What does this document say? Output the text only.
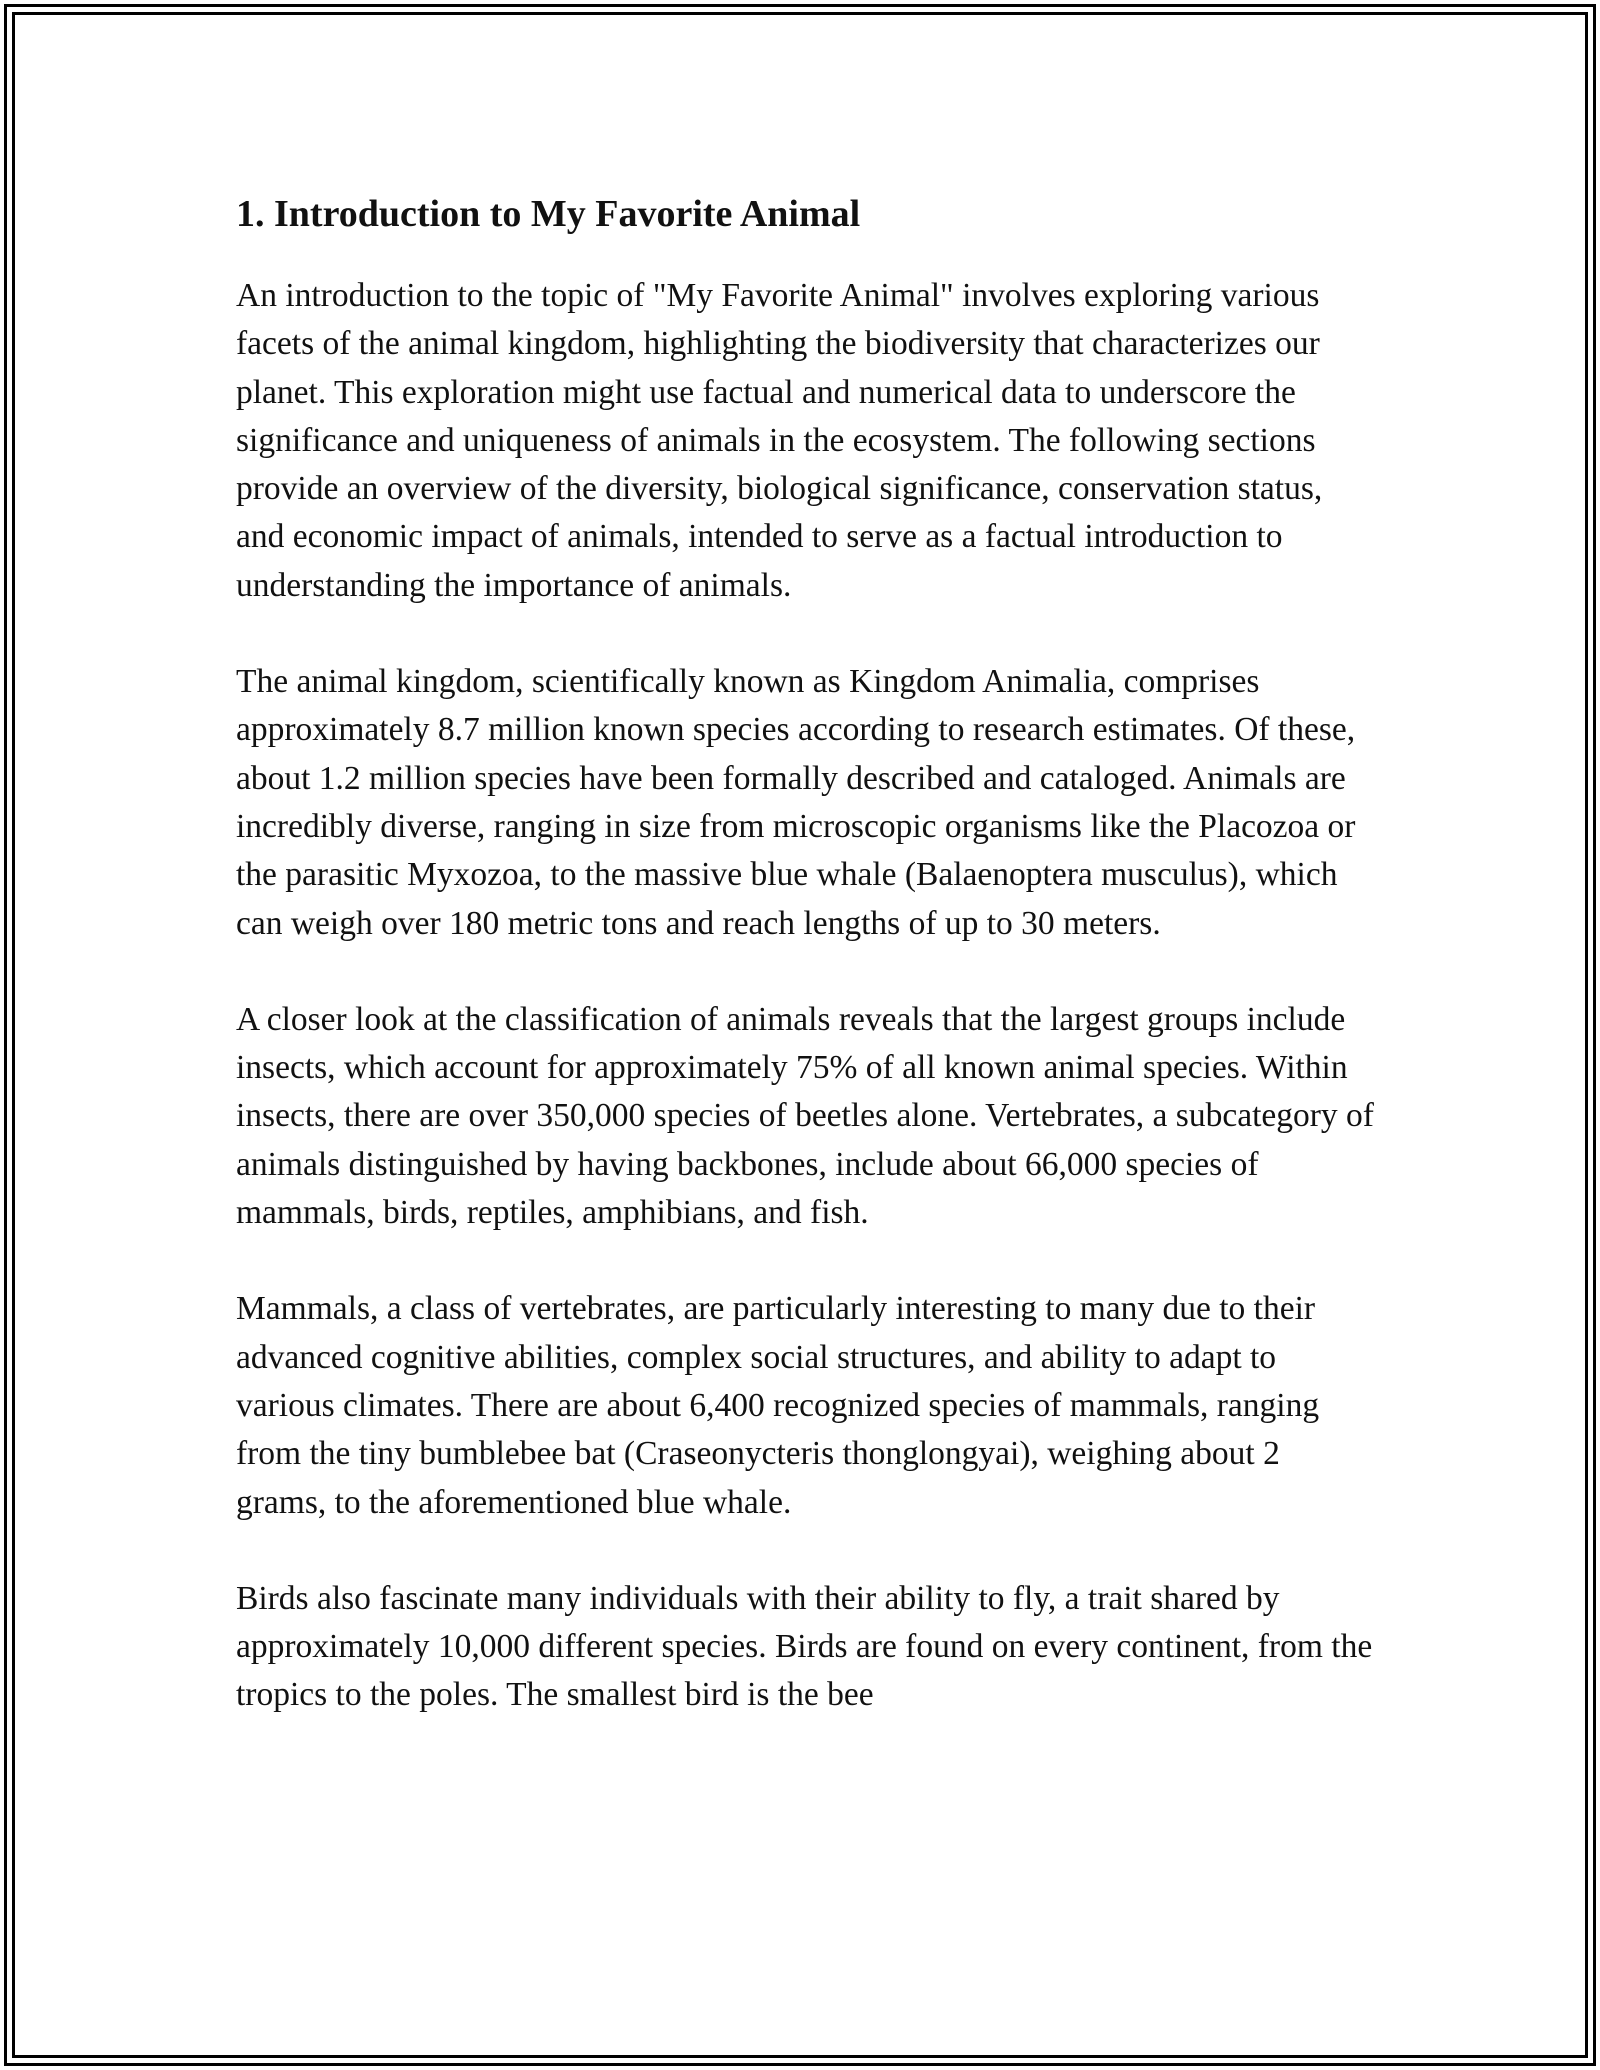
1. Introduction to My Favorite Animal

An introduction to the topic of "My Favorite Animal" involves exploring various facets of the animal kingdom, highlighting the biodiversity that characterizes our planet. This exploration might use factual and numerical data to underscore the significance and uniqueness of animals in the ecosystem. The following sections provide an overview of the diversity, biological significance, conservation status, and economic impact of animals, intended to serve as a factual introduction to understanding the importance of animals.

The animal kingdom, scientifically known as Kingdom Animalia, comprises approximately 8.7 million known species according to research estimates. Of these, about 1.2 million species have been formally described and cataloged. Animals are incredibly diverse, ranging in size from microscopic organisms like the Placozoa or the parasitic Myxozoa, to the massive blue whale (Balaenoptera musculus), which can weigh over 180 metric tons and reach lengths of up to 30 meters.

A closer look at the classification of animals reveals that the largest groups include insects, which account for approximately 75% of all known animal species. Within insects, there are over 350,000 species of beetles alone. Vertebrates, a subcategory of animals distinguished by having backbones, include about 66,000 species of mammals, birds, reptiles, amphibians, and fish.

Mammals, a class of vertebrates, are particularly interesting to many due to their advanced cognitive abilities, complex social structures, and ability to adapt to various climates. There are about 6,400 recognized species of mammals, ranging from the tiny bumblebee bat (Craseonycteris thonglongyai), weighing about 2 grams, to the aforementioned blue whale.

Birds also fascinate many individuals with their ability to fly, a trait shared by approximately 10,000 different species. Birds are found on every continent, from the tropics to the poles. The smallest bird is the bee
